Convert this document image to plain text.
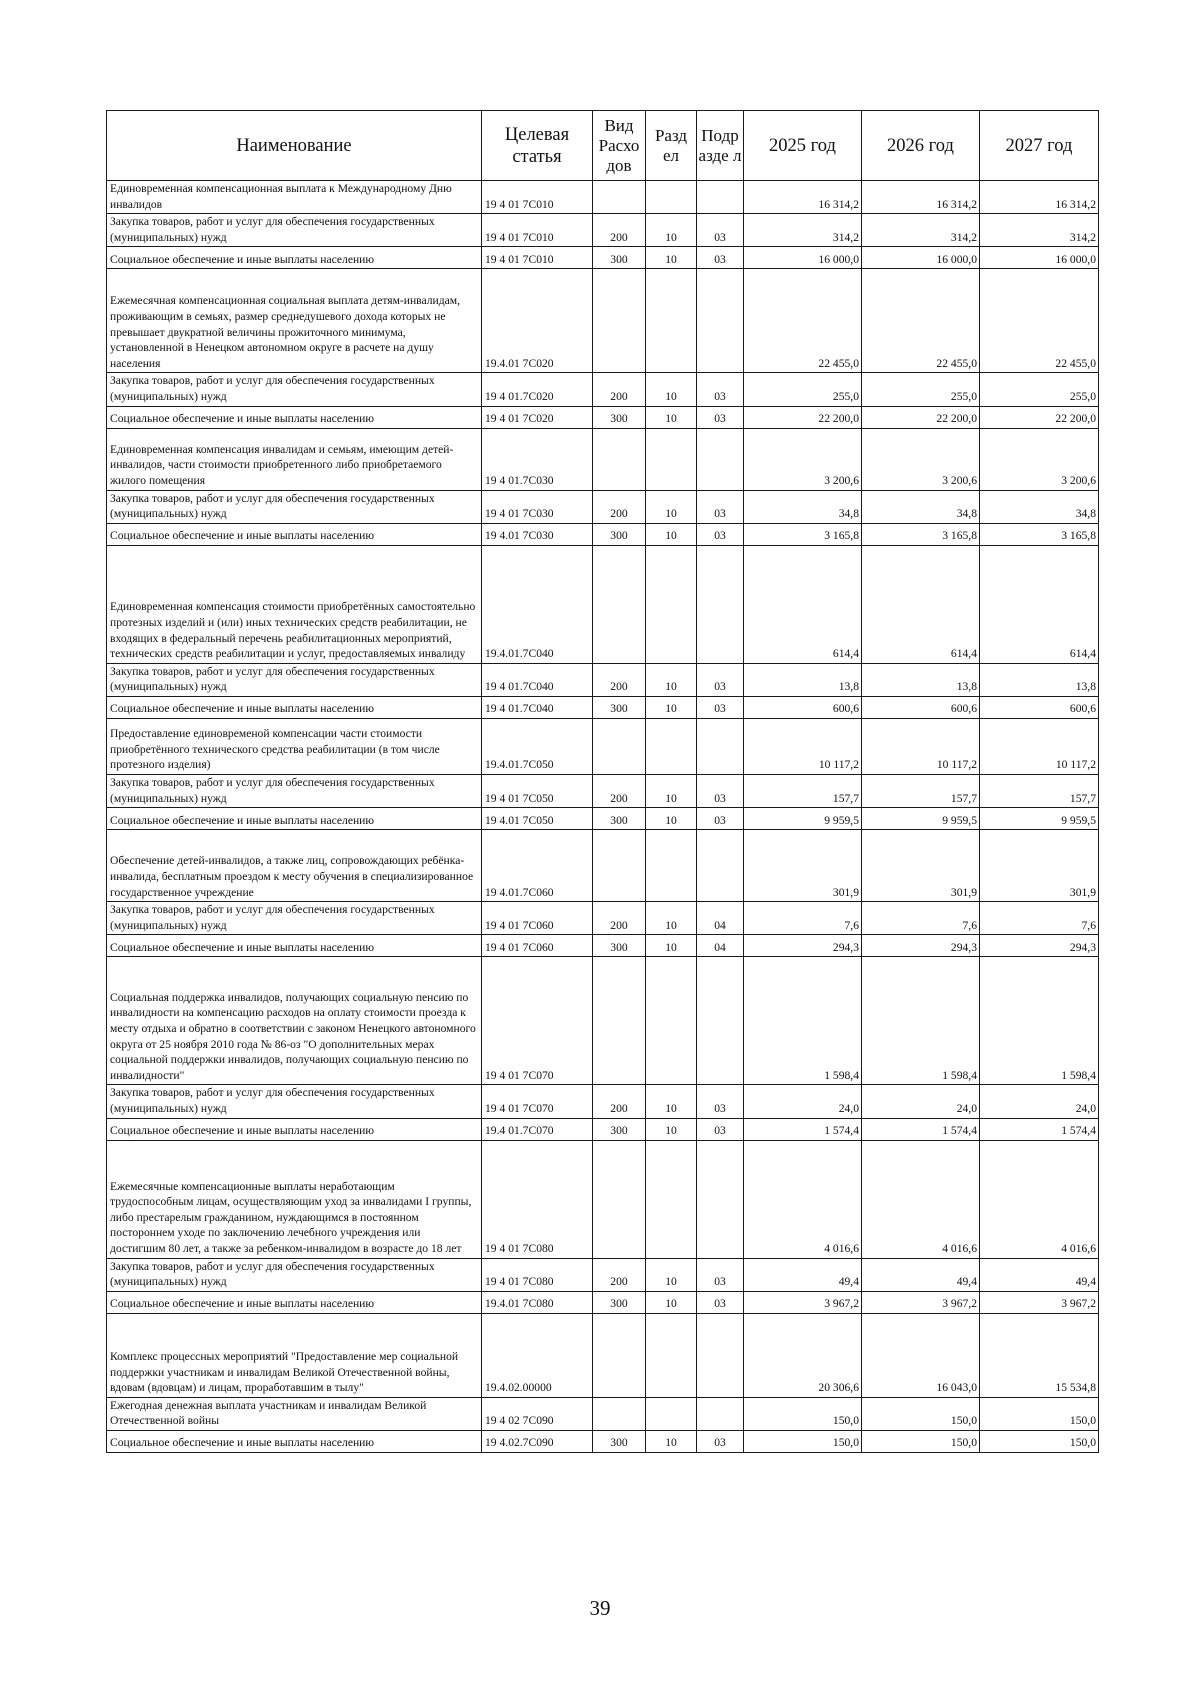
Наименование	Целевая статья	Вид Расхо дов	Разд ел	Подр азде л	2025 год	2026 год	2027 год
Единовременная компенсационная выплата к Международному Дню инвалидов	19 4 01 7С010				16 314,2	16 314,2	16 314,2
Закупка товаров, работ и услуг для обеспечения государственных (муниципальных) нужд	19 4 01 7С010	200	10	03	314,2	314,2	314,2
Социальное обеспечение и иные выплаты населению	19 4 01 7С010	300	10	03	16 000,0	16 000,0	16 000,0
Ежемесячная компенсационная социальная выплата детям-инвалидам, проживающим в семьях, размер среднедушевого дохода которых не превышает двукратной величины прожиточного минимума, установленной в Ненецком автономном округе в расчете на душу населения	19.4.01 7С020				22 455,0	22 455,0	22 455,0
Закупка товаров, работ и услуг для обеспечения государственных (муниципальных) нужд	19 4 01.7С020	200	10	03	255,0	255,0	255,0
Социальное обеспечение и иные выплаты населению	19 4 01 7С020	300	10	03	22 200,0	22 200,0	22 200,0
Единовременная компенсация инвалидам и семьям, имеющим детей-инвалидов, части стоимости приобретенного либо приобретаемого жилого помещения	19 4 01.7С030				3 200,6	3 200,6	3 200,6
Закупка товаров, работ и услуг для обеспечения государственных (муниципальных) нужд	19 4 01 7С030	200	10	03	34,8	34,8	34,8
Социальное обеспечение и иные выплаты населению	19 4.01 7С030	300	10	03	3 165,8	3 165,8	3 165,8
Единовременная компенсация стоимости приобретённых самостоятельно протезных изделий и (или) иных технических средств реабилитации, не входящих в федеральный перечень реабилитационных мероприятий, технических средств реабилитации и услуг, предоставляемых инвалиду	19.4.01.7С040				614,4	614,4	614,4
Закупка товаров, работ и услуг для обеспечения государственных (муниципальных) нужд	19 4 01.7С040	200	10	03	13,8	13,8	13,8
Социальное обеспечение и иные выплаты населению	19 4 01.7С040	300	10	03	600,6	600,6	600,6
Предоставление единовременой компенсации части стоимости приобретённого технического средства реабилитации (в том числе протезного изделия)	19.4.01.7С050				10 117,2	10 117,2	10 117,2
Закупка товаров, работ и услуг для обеспечения государственных (муниципальных) нужд	19 4 01 7С050	200	10	03	157,7	157,7	157,7
Социальное обеспечение и иные выплаты населению	19 4.01 7С050	300	10	03	9 959,5	9 959,5	9 959,5
Обеспечение детей-инвалидов, а также лиц, сопровождающих ребёнка-инвалида, бесплатным проездом к месту обучения в специализированное государственное учреждение	19 4.01.7С060				301,9	301,9	301,9
Закупка товаров, работ и услуг для обеспечения государственных (муниципальных) нужд	19 4 01 7С060	200	10	04	7,6	7,6	7,6
Социальное обеспечение и иные выплаты населению	19 4 01 7С060	300	10	04	294,3	294,3	294,3
Социальная поддержка инвалидов, получающих социальную пенсию по инвалидности на компенсацию расходов на оплату стоимости проезда к месту отдыха и обратно в соответствии с законом Ненецкого автономного округа от 25 ноября 2010 года № 86-оз "О дополнительных мерах социальной поддержки инвалидов, получающих социальную пенсию по инвалидности"	19 4 01 7С070				1 598,4	1 598,4	1 598,4
Закупка товаров, работ и услуг для обеспечения государственных (муниципальных) нужд	19 4 01 7С070	200	10	03	24,0	24,0	24,0
Социальное обеспечение и иные выплаты населению	19.4 01.7С070	300	10	03	1 574,4	1 574,4	1 574,4
Ежемесячные компенсационные выплаты неработающим трудоспособным лицам, осуществляющим уход за инвалидами I группы, либо престарелым гражданином, нуждающимся в постоянном постороннем уходе по заключению лечебного учреждения или достигшим 80 лет, а также за ребенком-инвалидом в возрасте до 18 лет	19 4 01 7С080				4 016,6	4 016,6	4 016,6
Закупка товаров, работ и услуг для обеспечения государственных (муниципальных) нужд	19 4 01 7С080	200	10	03	49,4	49,4	49,4
Социальное обеспечение и иные выплаты населению	19.4.01 7С080	300	10	03	3 967,2	3 967,2	3 967,2
Комплекс процессных мероприятий "Предоставление мер социальной поддержки участникам и инвалидам Великой Отечественной войны, вдовам (вдовцам) и лицам, проработавшим в тылу"	19.4.02.00000				20 306,6	16 043,0	15 534,8
Ежегодная денежная выплата участникам и инвалидам Великой Отечественной войны	19 4 02 7С090				150,0	150,0	150,0
Социальное обеспечение и иные выплаты населению	19 4.02.7С090	300	10	03	150,0	150,0	150,0
39
